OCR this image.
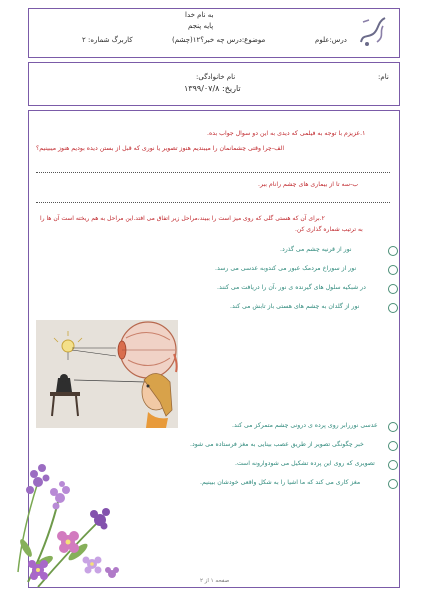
به نام خدا
پایه پنجم
درس:علوم
موضوع:درس چه خبر؟۱۲(چشم)
کاربرگ شماره: ۲
نام:
نام خانوادگی:
تاریخ: ۱۳۹۹/۰۷/۸
۱.عزیزم با توجه به فیلمی که دیدی به این دو سوال جواب بده.
الف-چرا وقتی چشمانمان را میبندیم هنوز تصویر یا نوری که قبل از بستن دیده بودیم هنوز میبینیم؟
ب-سه تا از بیماری های چشم رانام ببر.
۲.برای آن که هستی گلی که روی میز است را ببیند،مراحل زیر اتفاق می افتد.این مراحل به هم ریخته است آن ها را
به ترتیب شماره گذاری کن.
نور از قرنیه چشم می گذرد.
نور از سوراخ مردمک عبور می کندوبه عدسی می رسد.
در شبکیه سلول های گیرنده ی نور ،آن را دریافت می کنند.
نور از گلدان به چشم های هستی باز تابش می کند.
عدسی نوررابر روی پرده ی درونی چشم متمرکز می کند.
خبر چگونگی تصویر از طریق عصب بینایی به مغز فرستاده می شود.
تصویری که روی این پرده تشکیل می شودوارونه است.
مغز کاری می کند که ما اشیا را به شکل واقعی خودشان ببینیم.
صفحه ۱ از ۲
